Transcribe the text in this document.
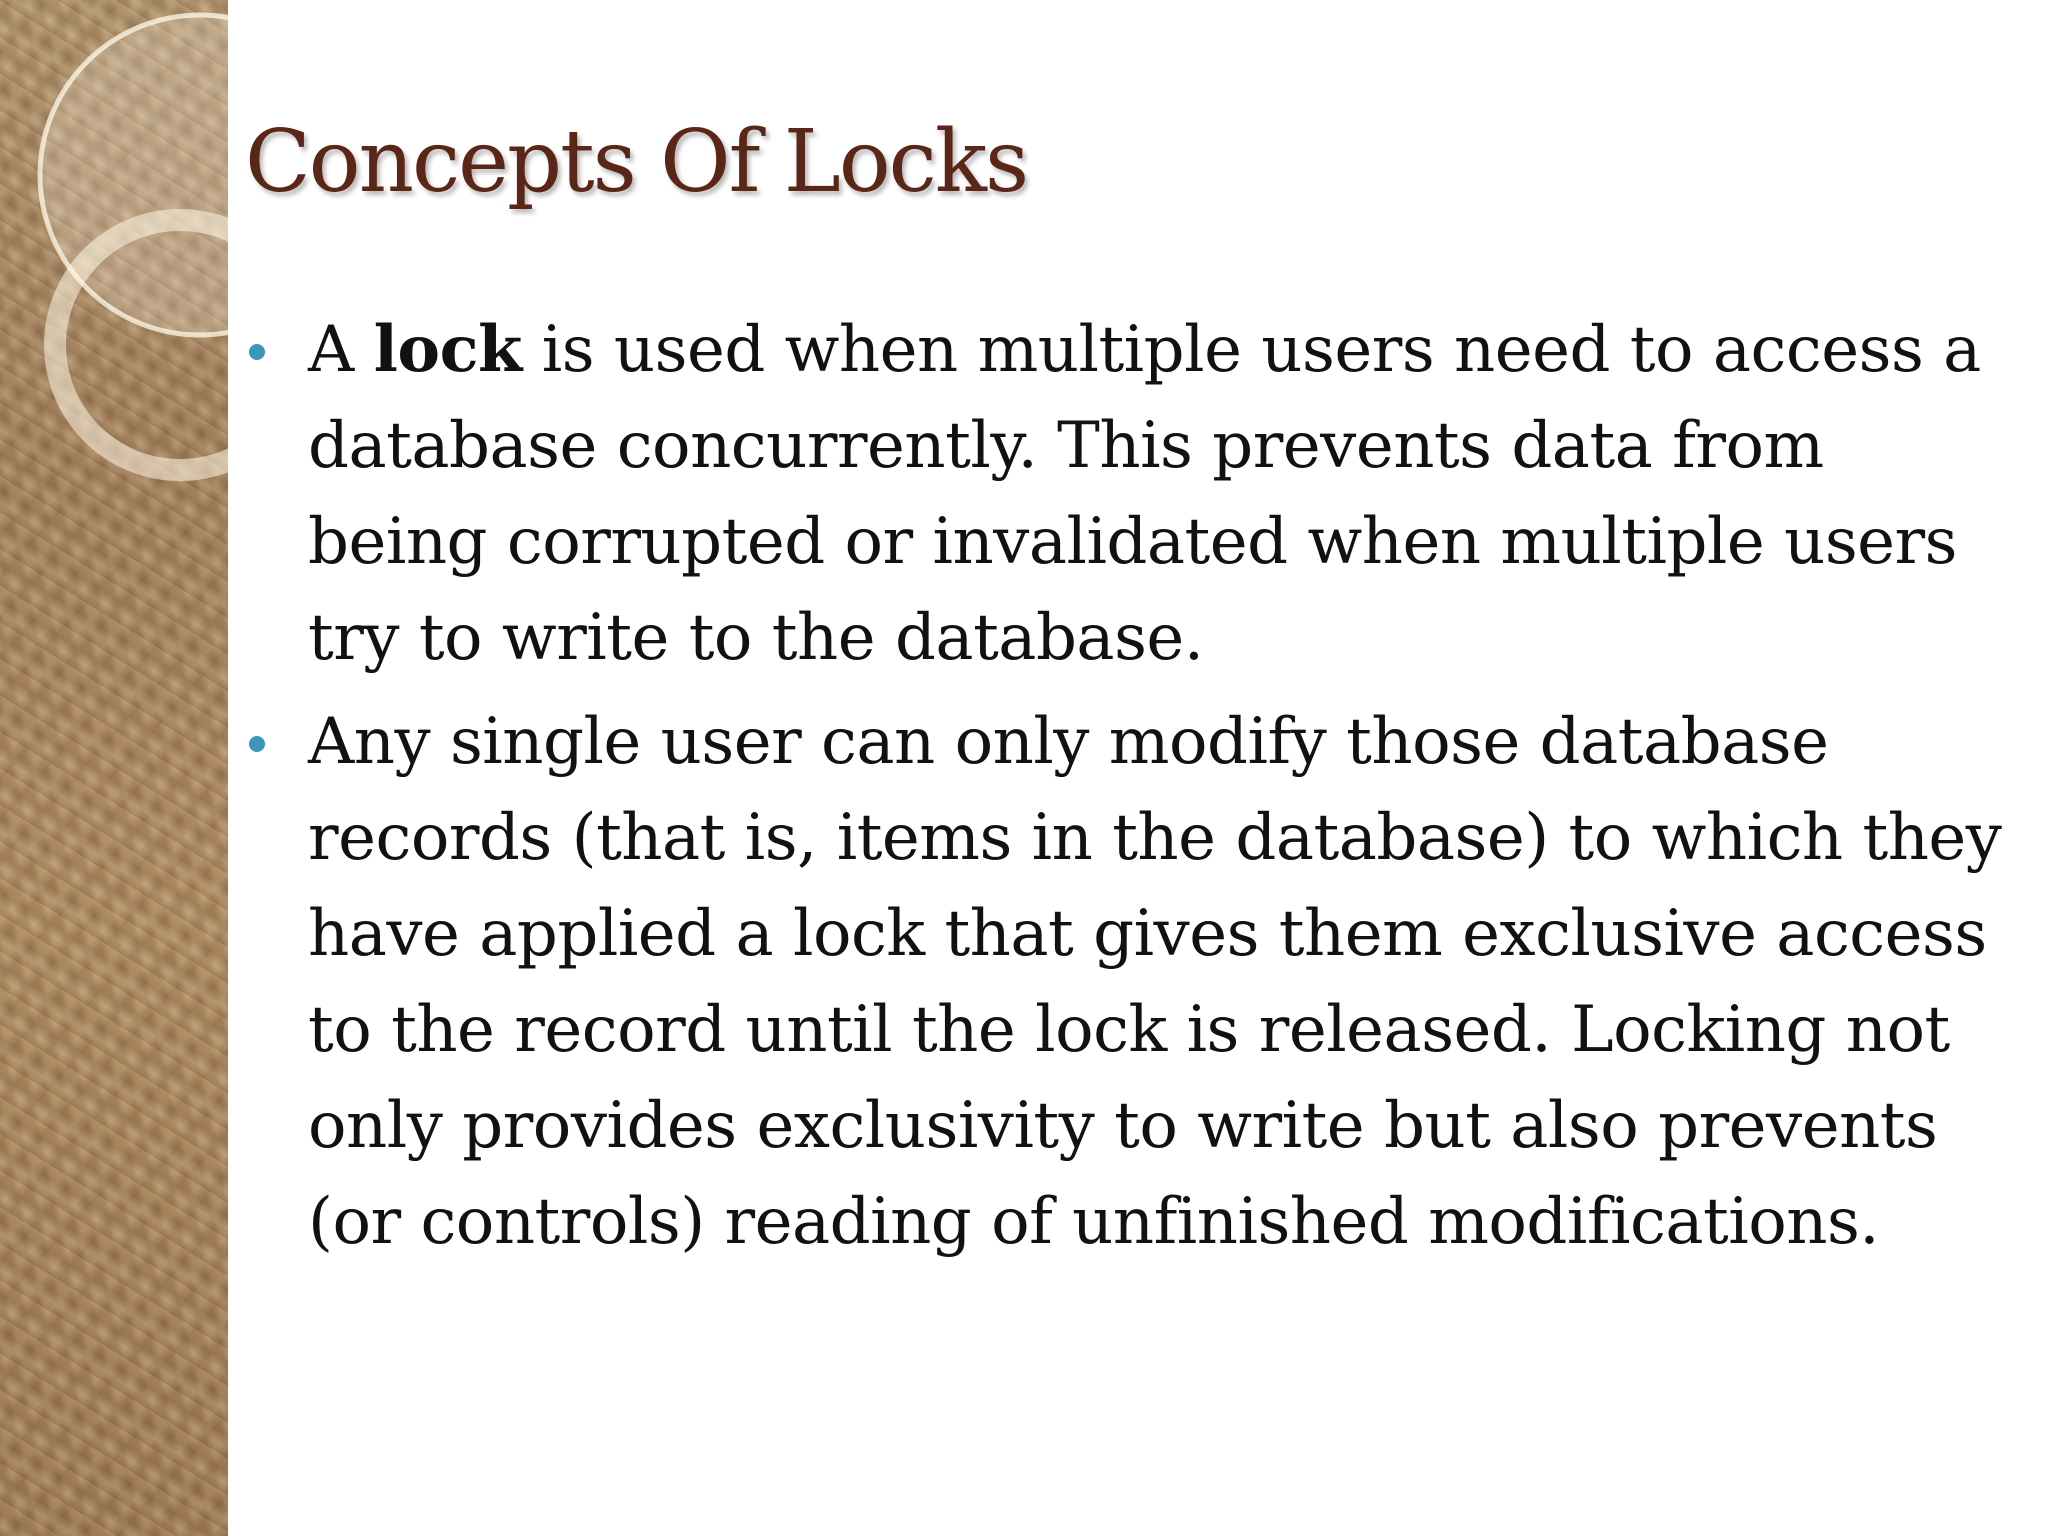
Concepts Of Locks
A lock is used when multiple users need to access a database concurrently. This prevents data from being corrupted or invalidated when multiple users try to write to the database.
Any single user can only modify those database records (that is, items in the database) to which they have applied a lock that gives them exclusive access to the record until the lock is released. Locking not only provides exclusivity to write but also prevents (or controls) reading of unfinished modifications.
